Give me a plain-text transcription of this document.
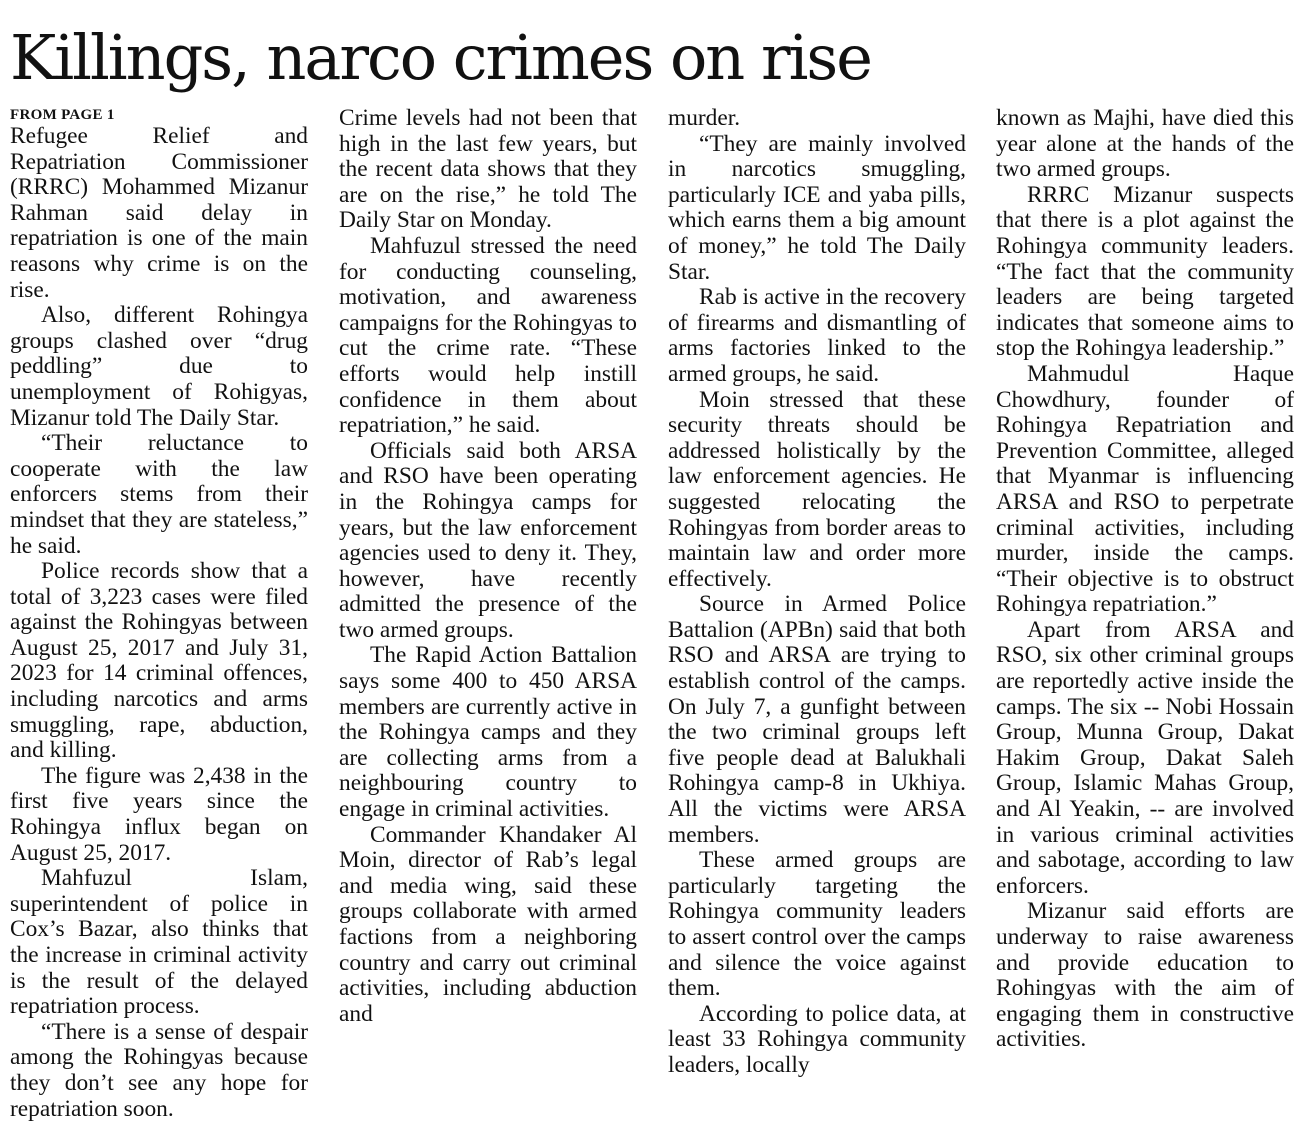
Killings, narco crimes on rise
FROM PAGE 1

Refugee Relief and Repatriation Commissioner (RRRC) Mohammed Mizanur Rahman said delay in repatriation is one of the main reasons why crime is on the rise.

Also, different Rohingya groups clashed over “drug peddling” due to unemployment of Rohigyas, Mizanur told The Daily Star.

“Their reluctance to cooperate with the law enforcers stems from their mindset that they are stateless,” he said.

Police records show that a total of 3,223 cases were filed against the Rohingyas between August 25, 2017 and July 31, 2023 for 14 criminal offences, including narcotics and arms smuggling, rape, abduction, and killing.

The figure was 2,438 in the first five years since the Rohingya influx began on August 25, 2017.

Mahfuzul Islam, superintendent of police in Cox’s Bazar, also thinks that the increase in criminal activity is the result of the delayed repatriation process.

“There is a sense of despair among the Rohingyas because they don’t see any hope for repatriation soon.

Crime levels had not been that high in the last few years, but the recent data shows that they are on the rise,” he told The Daily Star on Monday.

Mahfuzul stressed the need for conducting counseling, motivation, and awareness campaigns for the Rohingyas to cut the crime rate. “These efforts would help instill confidence in them about repatriation,” he said.

Officials said both ARSA and RSO have been operating in the Rohingya camps for years, but the law enforcement agencies used to deny it. They, however, have recently admitted the presence of the two armed groups.

The Rapid Action Battalion says some 400 to 450 ARSA members are currently active in the Rohingya camps and they are collecting arms from a neighbouring country to engage in criminal activities.

Commander Khandaker Al Moin, director of Rab’s legal and media wing, said these groups collaborate with armed factions from a neighboring country and carry out criminal activities, including abduction and

murder.

“They are mainly involved in narcotics smuggling, particularly ICE and yaba pills, which earns them a big amount of money,” he told The Daily Star.

Rab is active in the recovery of firearms and dismantling of arms factories linked to the armed groups, he said.

Moin stressed that these security threats should be addressed holistically by the law enforcement agencies. He suggested relocating the Rohingyas from border areas to maintain law and order more effectively.

Source in Armed Police Battalion (APBn) said that both RSO and ARSA are trying to establish control of the camps. On July 7, a gunfight between the two criminal groups left five people dead at Balukhali Rohingya camp-8 in Ukhiya. All the victims were ARSA members.

These armed groups are particularly targeting the Rohingya community leaders to assert control over the camps and silence the voice against them.

According to police data, at least 33 Rohingya community leaders, locally

known as Majhi, have died this year alone at the hands of the two armed groups.

RRRC Mizanur suspects that there is a plot against the Rohingya community leaders. “The fact that the community leaders are being targeted indicates that someone aims to stop the Rohingya leadership.”

Mahmudul Haque Chowdhury, founder of Rohingya Repatriation and Prevention Committee, alleged that Myanmar is influencing ARSA and RSO to perpetrate criminal activities, including murder, inside the camps. “Their objective is to obstruct Rohingya repatriation.”

Apart from ARSA and RSO, six other criminal groups are reportedly active inside the camps. The six -- Nobi Hossain Group, Munna Group, Dakat Hakim Group, Dakat Saleh Group, Islamic Mahas Group, and Al Yeakin, -- are involved in various criminal activities and sabotage, according to law enforcers.

Mizanur said efforts are underway to raise awareness and provide education to Rohingyas with the aim of engaging them in constructive activities.
